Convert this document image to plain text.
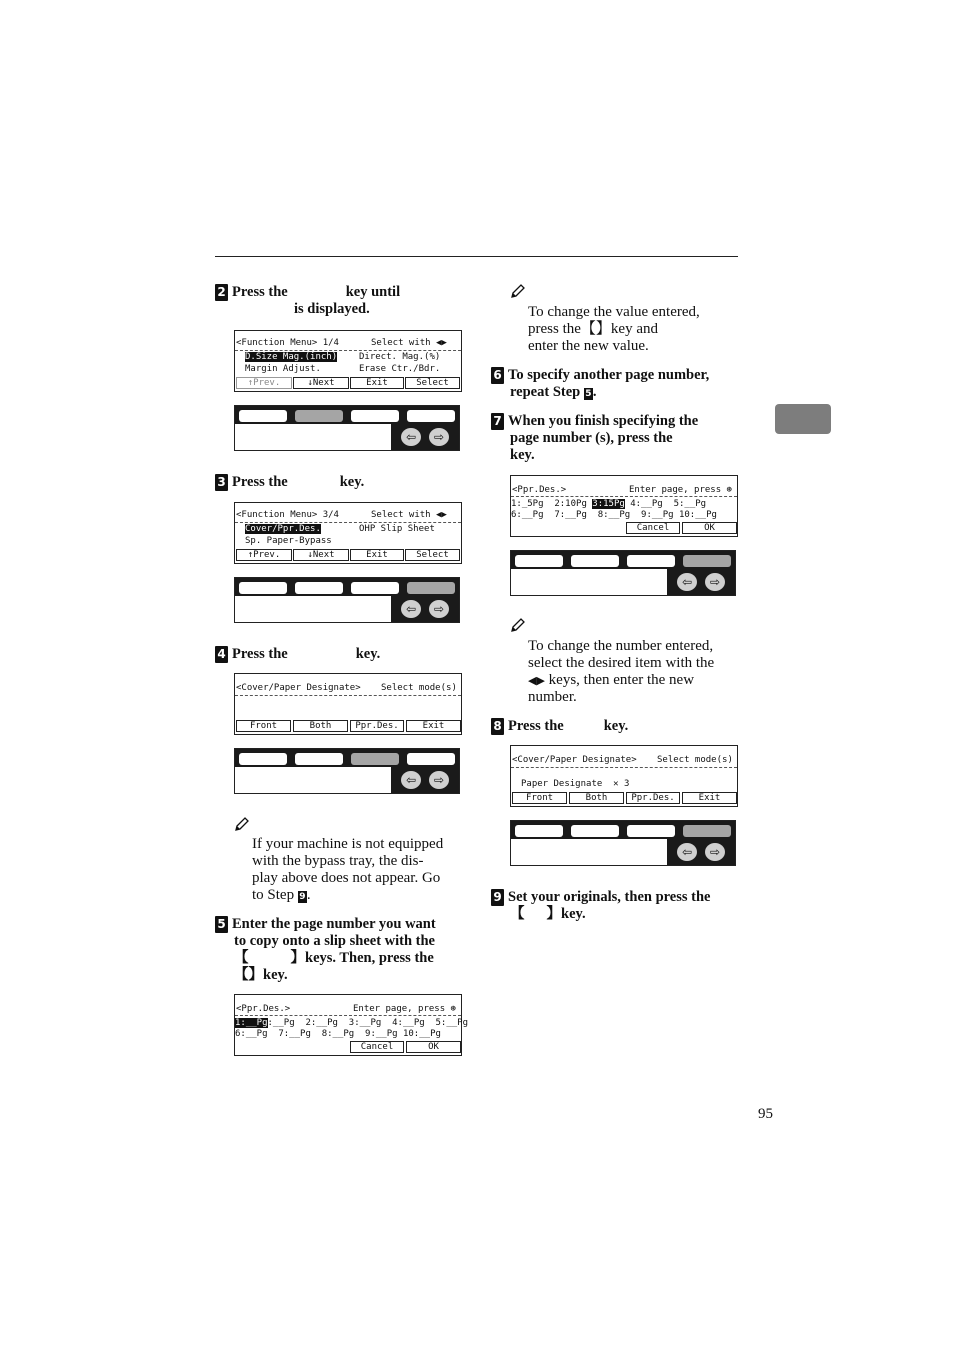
2 Press the	key until
is displayed.
<Function Menu> 1/4	Select with ◀▶
D.Size Mag.(inch) Direct. Mag.(%)
Margin Adjust.	Erase Ctr./Bdr.
↑Prev.	↓Next	Exit	Select
⇦	⇨
3 Press the	key.
<Function Menu> 3/4	Select with ◀▶
Cover/Ppr.Des.	OHP Slip Sheet
Sp. Paper-Bypass
↑Prev.	↓Next	Exit	Select
⇦	⇨
4 Press the	key.
<Cover/Paper Designate> Select mode(s)
Front	Both	Ppr.Des.	Exit
⇦	⇨
If your machine is not equipped
with the bypass tray, the dis-
play above does not appear. Go
to Step 9.
5 Enter the page number you want
to copy onto a slip sheet with the
【	】keys. Then, press the
【】key.
<Ppr.Des.>	Enter page, press ⊛
1:__Pg:__Pg  2:__Pg  3:__Pg  4:__Pg  5:__Pg
6:__Pg  7:__Pg  8:__Pg  9:__Pg 10:__Pg
Cancel	OK
To change the value entered,
press the【】key and
enter the new value.
6 To specify another page number,
repeat Step 5.
7 When you finish specifying the
page number (s), press the
key.
<Ppr.Des.>	Enter page, press ⊛
1:_5Pg  2:10Pg 3:15Pg 4:__Pg  5:__Pg
6:__Pg  7:__Pg  8:__Pg  9:__Pg 10:__Pg
Cancel	OK
⇦	⇨
To change the number entered,
select the desired item with the
◀▶ keys, then enter the new
number.
8 Press the	key.
<Cover/Paper Designate> Select mode(s)
Paper Designate  ✕ 3
Front	Both	Ppr.Des.	Exit
⇦	⇨
9 Set your originals, then press the
【 】key.
95
